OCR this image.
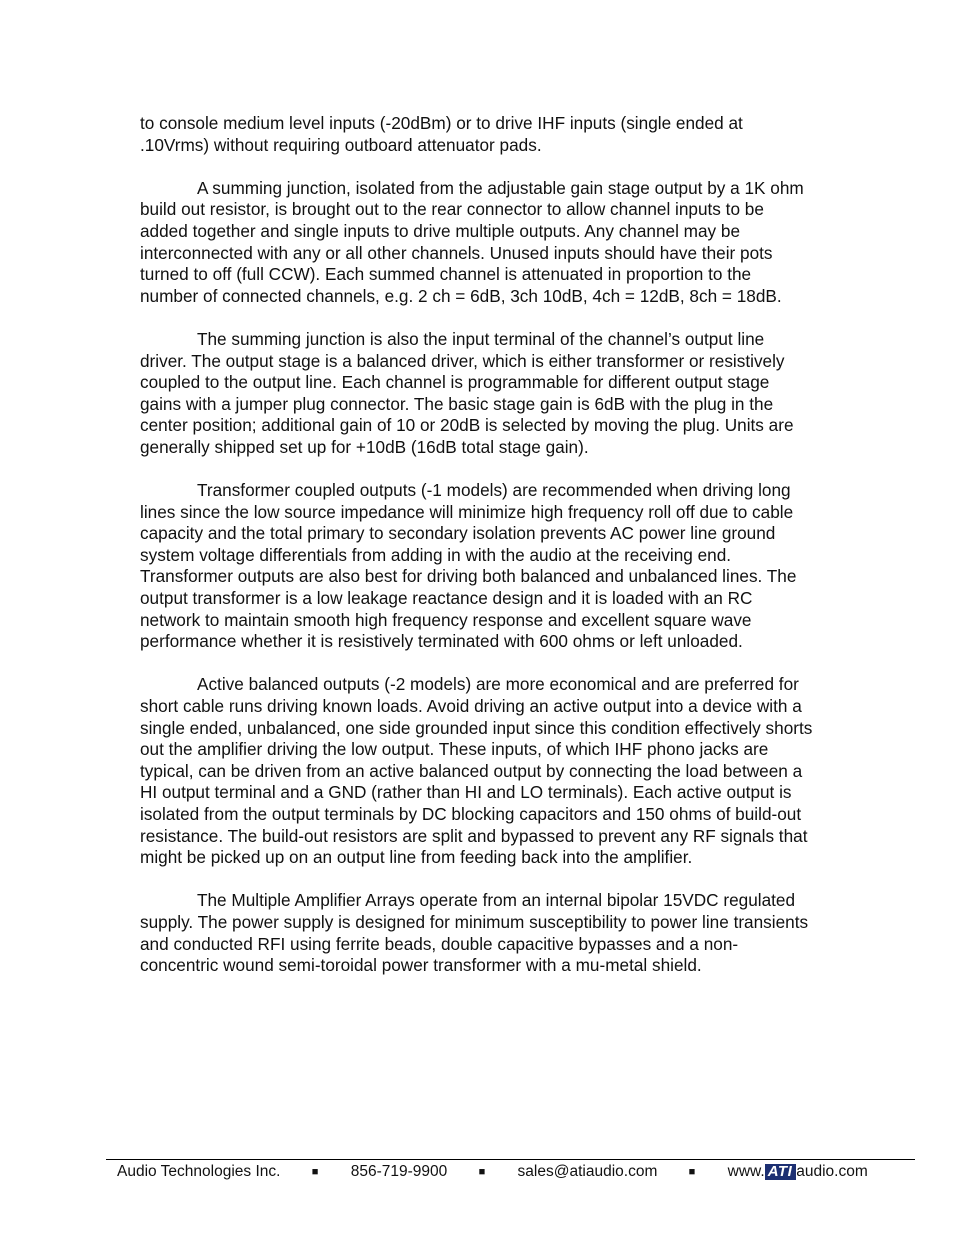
to console medium level inputs (-20dBm) or to drive IHF inputs (single ended at .10Vrms) without requiring outboard attenuator pads.

A summing junction, isolated from the adjustable gain stage output by a 1K ohm build out resistor, is brought out to the rear connector to allow channel inputs to be added together and single inputs to drive multiple outputs. Any channel may be interconnected with any or all other channels. Unused inputs should have their pots turned to off (full CCW). Each summed channel is attenuated in proportion to the number of connected channels, e.g. 2 ch = 6dB, 3ch 10dB, 4ch = 12dB, 8ch = 18dB.

The summing junction is also the input terminal of the channel’s output line driver. The output stage is a balanced driver, which is either transformer or resistively coupled to the output line. Each channel is programmable for different output stage gains with a jumper plug connector. The basic stage gain is 6dB with the plug in the center position; additional gain of 10 or 20dB is selected by moving the plug. Units are generally shipped set up for +10dB (16dB total stage gain).

Transformer coupled outputs (-1 models) are recommended when driving long lines since the low source impedance will minimize high frequency roll off due to cable capacity and the total primary to secondary isolation prevents AC power line ground system voltage differentials from adding in with the audio at the receiving end. Transformer outputs are also best for driving both balanced and unbalanced lines. The output transformer is a low leakage reactance design and it is loaded with an RC network to maintain smooth high frequency response and excellent square wave performance whether it is resistively terminated with 600 ohms or left unloaded.

Active balanced outputs (-2 models) are more economical and are preferred for short cable runs driving known loads. Avoid driving an active output into a device with a single ended, unbalanced, one side grounded input since this condition effectively shorts out the amplifier driving the low output. These inputs, of which IHF phono jacks are typical, can be driven from an active balanced output by connecting the load between a HI output terminal and a GND (rather than HI and LO terminals). Each active output is isolated from the output terminals by DC blocking capacitors and 150 ohms of build-out resistance. The build-out resistors are split and bypassed to prevent any RF signals that might be picked up on an output line from feeding back into the amplifier.

The Multiple Amplifier Arrays operate from an internal bipolar 15VDC regulated supply. The power supply is designed for minimum susceptibility to power line transients and conducted RFI using ferrite beads, double capacitive bypasses and a non-concentric wound semi-toroidal power transformer with a mu-metal shield.

Audio Technologies Inc.	■ 856-719-9900	■ sales@atiaudio.com	■ www. ATI audio.com
